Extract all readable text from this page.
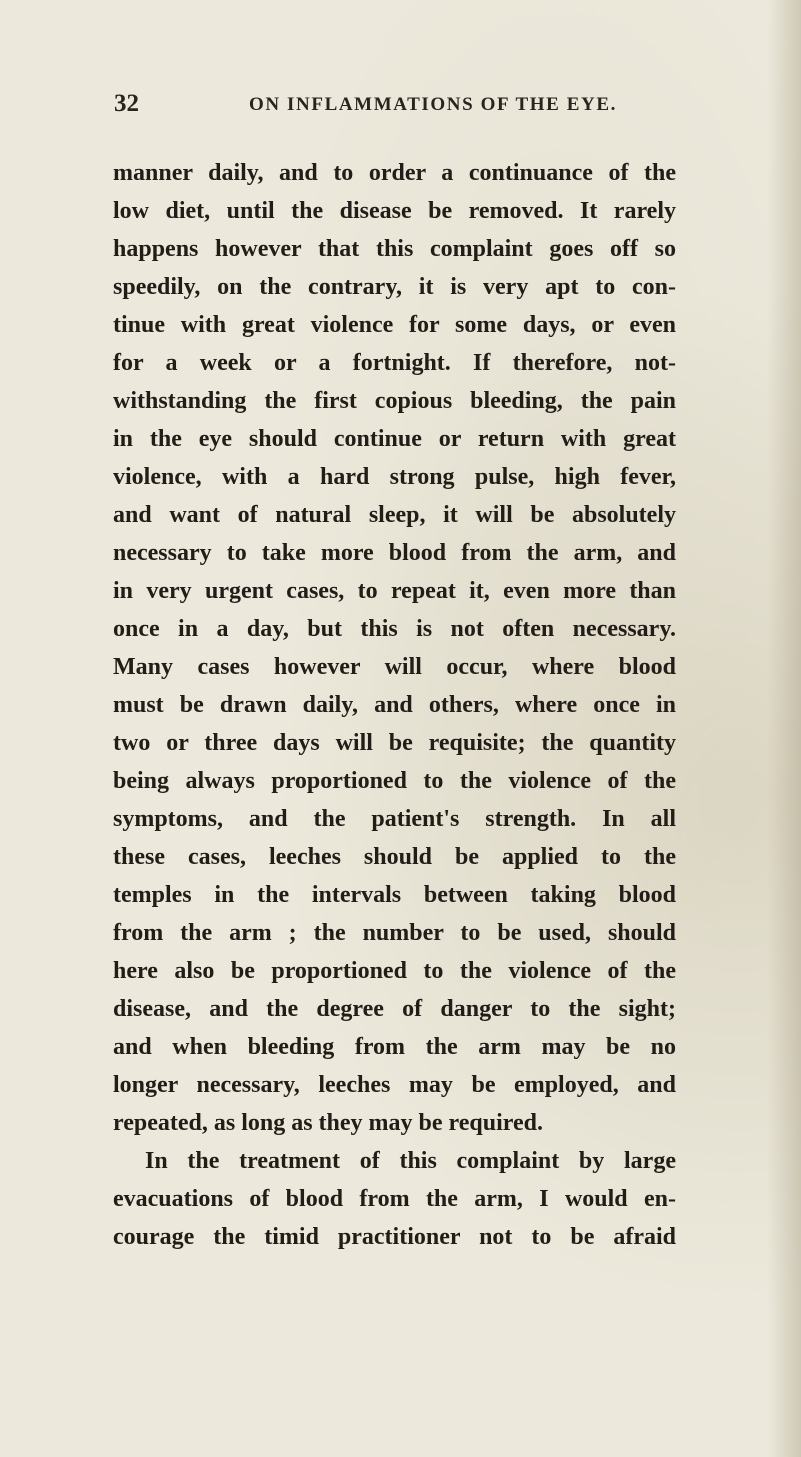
32	ON INFLAMMATIONS OF THE EYE.
manner daily, and to order a continuance of the
low diet, until the disease be removed. It rarely
happens however that this complaint goes off so
speedily, on the contrary, it is very apt to con-
tinue with great violence for some days, or even
for a week or a fortnight. If therefore, not-
withstanding the first copious bleeding, the pain
in the eye should continue or return with great
violence, with a hard strong pulse, high fever,
and want of natural sleep, it will be absolutely
necessary to take more blood from the arm, and
in very urgent cases, to repeat it, even more than
once in a day, but this is not often necessary.
Many cases however will occur, where blood
must be drawn daily, and others, where once in
two or three days will be requisite; the quantity
being always proportioned to the violence of the
symptoms, and the patient's strength. In all
these cases, leeches should be applied to the
temples in the intervals between taking blood
from the arm ; the number to be used, should
here also be proportioned to the violence of the
disease, and the degree of danger to the sight;
and when bleeding from the arm may be no
longer necessary, leeches may be employed, and
repeated, as long as they may be required.
In the treatment of this complaint by large
evacuations of blood from the arm, I would en-
courage the timid practitioner not to be afraid
